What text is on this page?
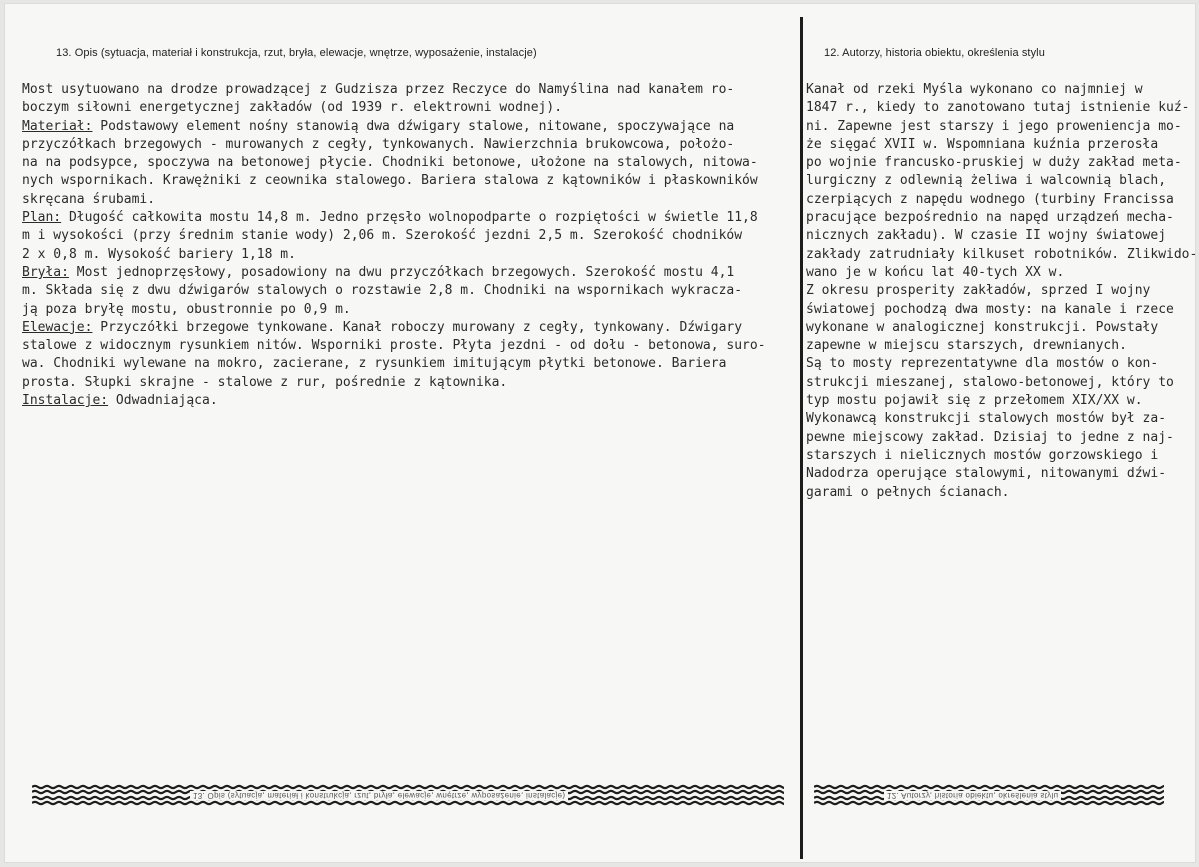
13. Opis (sytuacja, materiał i konstrukcja, rzut, bryła, elewacje, wnętrze, wyposażenie, instalacje)	12. Autorzy, historia obiektu, określenia stylu
Most usytuowano na drodze prowadzącej z Gudzisza przez Reczyce do Namyślina nad kanałem ro-
boczym siłowni energetycznej zakładów (od 1939 r. elektrowni wodnej).
Materiał: Podstawowy element nośny stanowią dwa dźwigary stalowe, nitowane, spoczywające na
przyczółkach brzegowych - murowanych z cegły, tynkowanych. Nawierzchnia brukowcowa, położo-
na na podsypce, spoczywa na betonowej płycie. Chodniki betonowe, ułożone na stalowych, nitowa-
nych wspornikach. Krawężniki z ceownika stalowego. Bariera stalowa z kątowników i płaskowników
skręcana śrubami.
Plan: Długość całkowita mostu 14,8 m. Jedno przęsło wolnopodparte o rozpiętości w świetle 11,8
m i wysokości (przy średnim stanie wody) 2,06 m. Szerokość jezdni 2,5 m. Szerokość chodników
2 x 0,8 m. Wysokość bariery 1,18 m.
Bryła: Most jednoprzęsłowy, posadowiony na dwu przyczółkach brzegowych. Szerokość mostu 4,1
m. Składa się z dwu dźwigarów stalowych o rozstawie 2,8 m. Chodniki na wspornikach wykracza-
ją poza bryłę mostu, obustronnie po 0,9 m.
Elewacje: Przyczółki brzegowe tynkowane. Kanał roboczy murowany z cegły, tynkowany. Dźwigary
stalowe z widocznym rysunkiem nitów. Wsporniki proste. Płyta jezdni - od dołu - betonowa, suro-
wa. Chodniki wylewane na mokro, zacierane, z rysunkiem imitującym płytki betonowe. Bariera
prosta. Słupki skrajne - stalowe z rur, pośrednie z kątownika.
Instalacje: Odwadniająca.
Kanał od rzeki Myśla wykonano co najmniej w
1847 r., kiedy to zanotowano tutaj istnienie kuź-
ni. Zapewne jest starszy i jego proweniencja mo-
że sięgać XVII w. Wspomniana kuźnia przerosła
po wojnie francusko-pruskiej w duży zakład meta-
lurgiczny z odlewnią żeliwa i walcownią blach,
czerpiących z napędu wodnego (turbiny Francissa
pracujące bezpośrednio na napęd urządzeń mecha-
nicznych zakładu). W czasie II wojny światowej
zakłady zatrudniały kilkuset robotników. Zlikwido-
wano je w końcu lat 40-tych XX w.
Z okresu prosperity zakładów, sprzed I wojny
światowej pochodzą dwa mosty: na kanale i rzece
wykonane w analogicznej konstrukcji. Powstały
zapewne w miejscu starszych, drewnianych.
Są to mosty reprezentatywne dla mostów o kon-
strukcji mieszanej, stalowo-betonowej, który to
typ mostu pojawił się z przełomem XIX/XX w.
Wykonawcą konstrukcji stalowych mostów był za-
pewne miejscowy zakład. Dzisiaj to jedne z naj-
starszych i nielicznych mostów gorzowskiego i
Nadodrza operujące stalowymi, nitowanymi dźwi-
garami o pełnych ścianach.
13. Opis (sytuacja, materiał i konstrukcja, rzut, bryła, elewacje, wnętrze, wyposażenie, instalacje)	12. Autorzy, historia obiektu, określenia stylu
